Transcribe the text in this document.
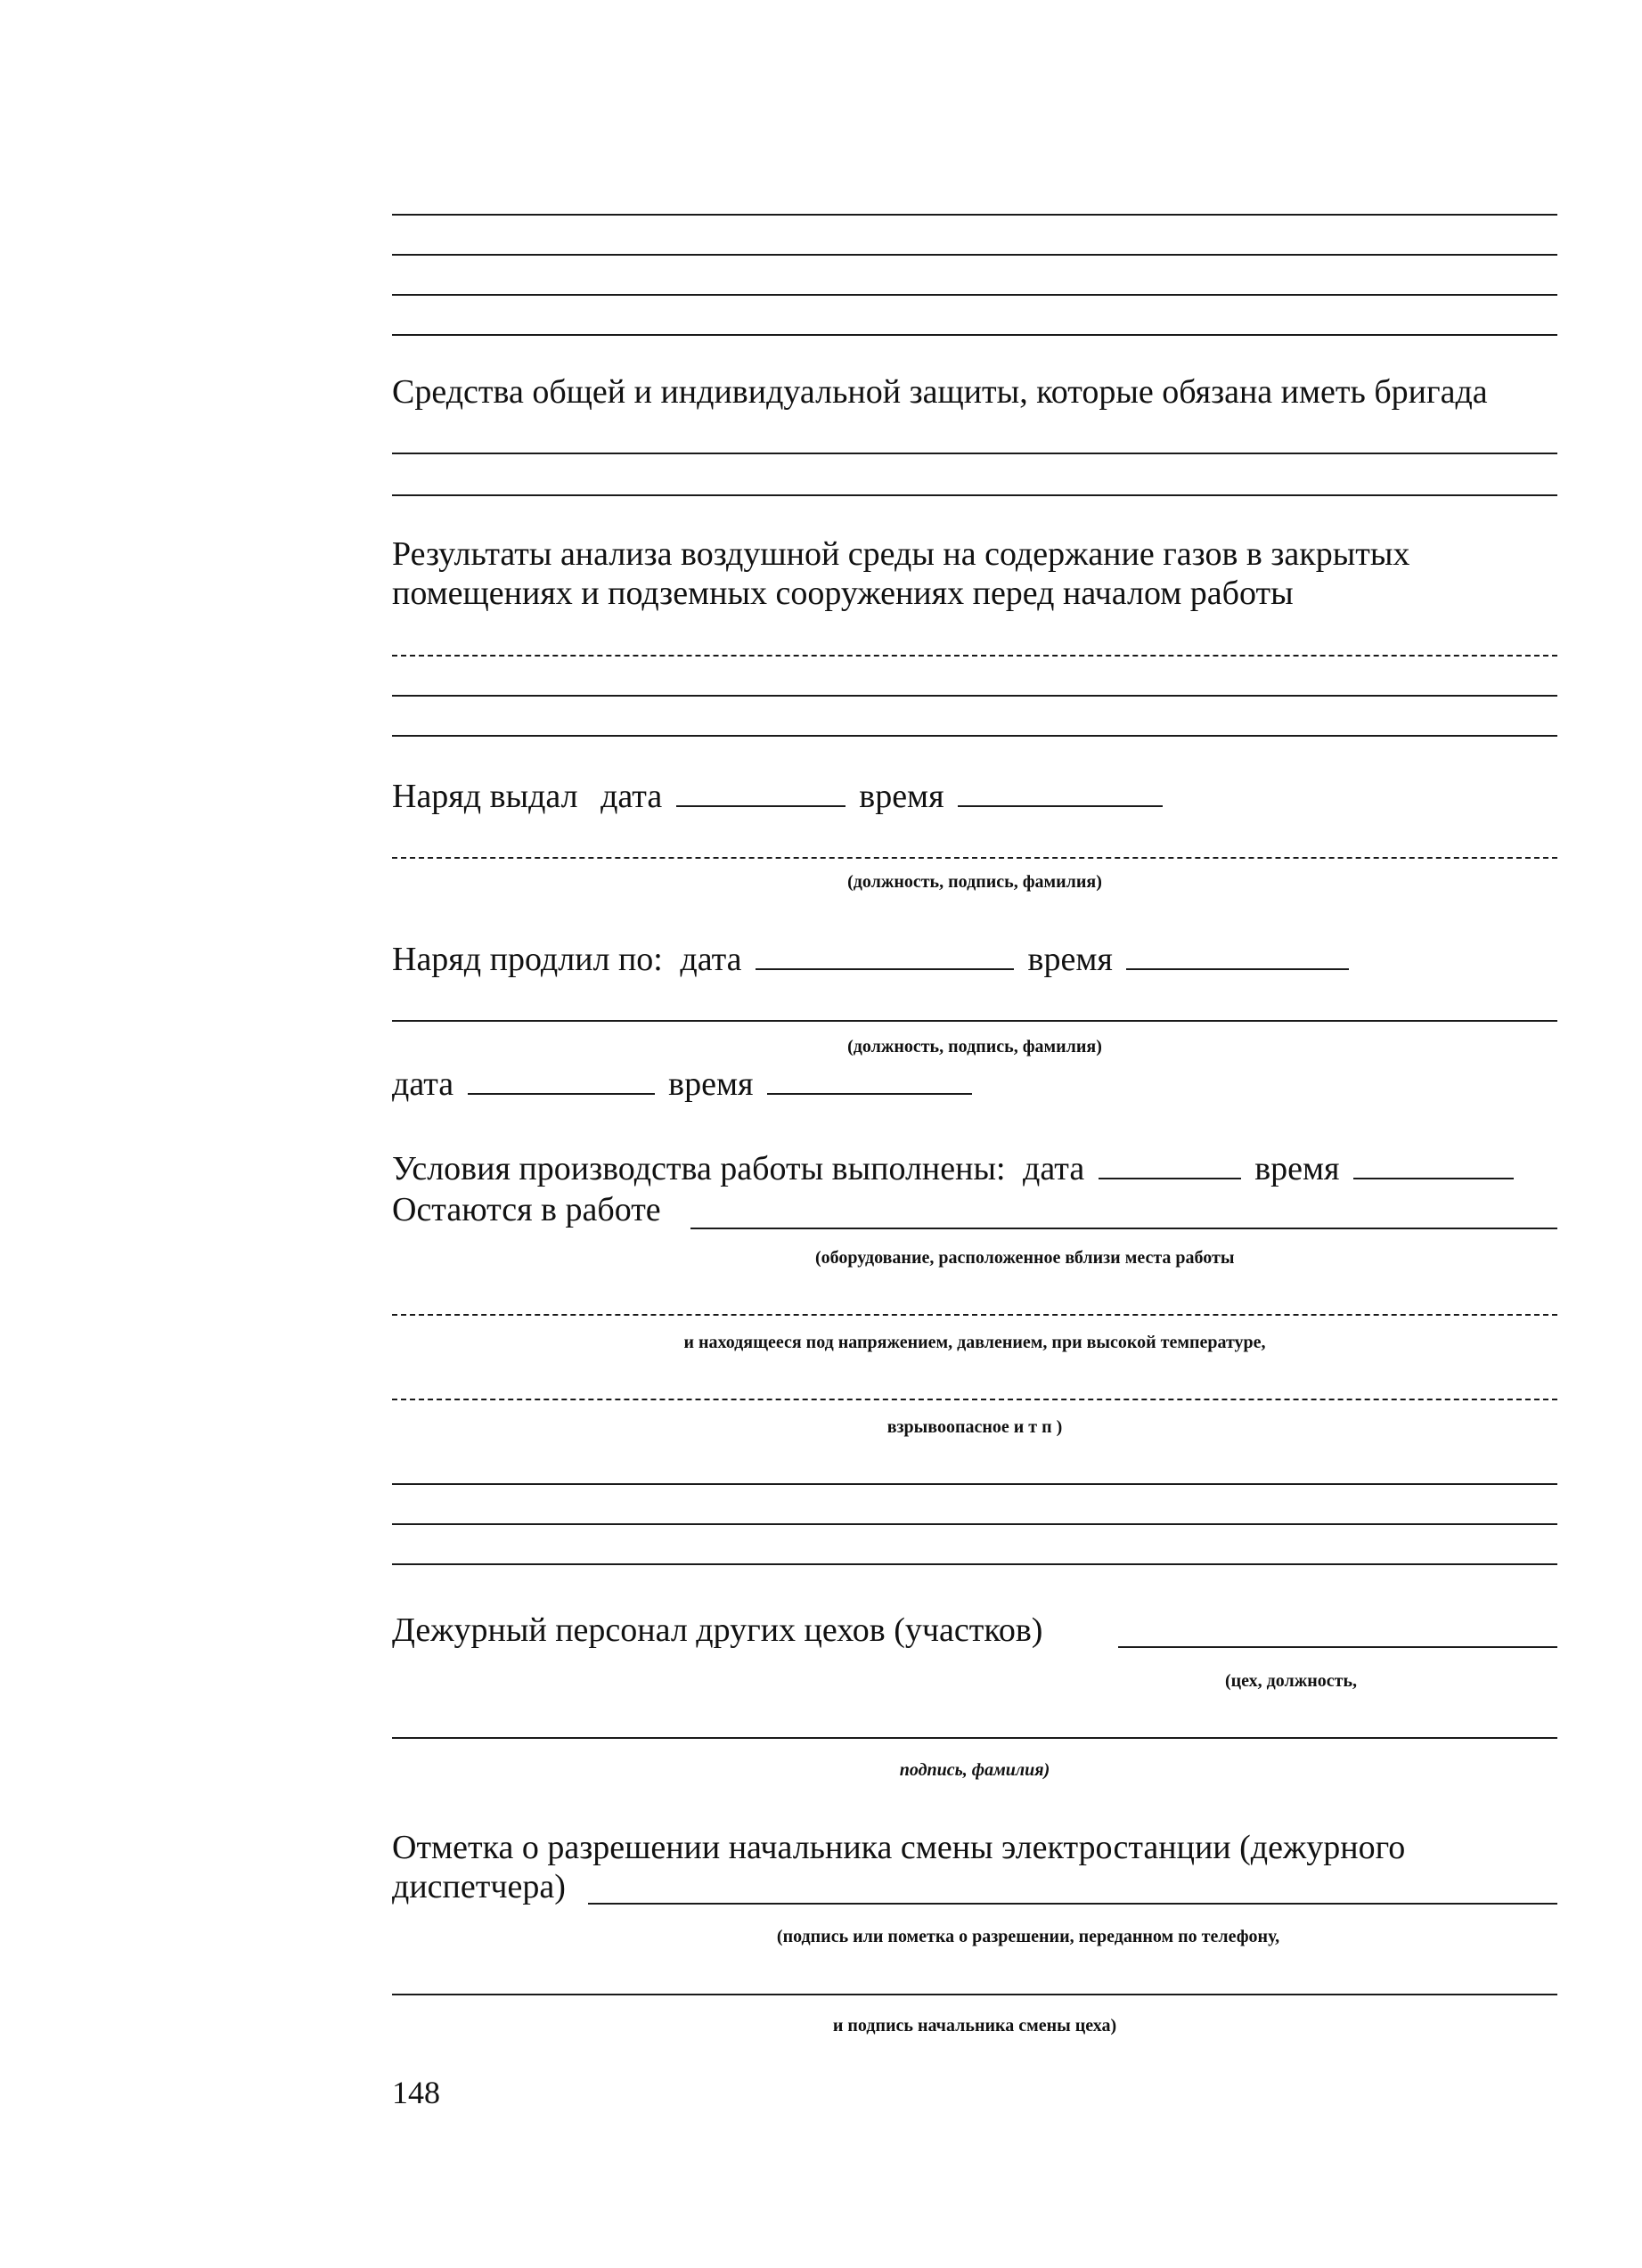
Средства общей и индивидуальной защиты, которые обязана иметь бригада
Результаты анализа воздушной среды на содержание газов в закрытых
помещениях и подземных сооружениях перед началом работы
Наряд выдал дата	время
(должность, подпись, фамилия)
Наряд продлил по: дата	время
(должность, подпись, фамилия)
дата	время
Условия производства работы выполнены: дата	время
Остаются в работе
(оборудование, расположенное вблизи места работы
и находящееся под напряжением, давлением, при высокой температуре,
взрывоопасное и т п )
Дежурный персонал других цехов (участков)
(цех, должность,
подпись, фамилия)
Отметка о разрешении начальника смены электростанции (дежурного
диспетчера)
(подпись или пометка о разрешении, переданном по телефону,
и подпись начальника смены цеха)
148
